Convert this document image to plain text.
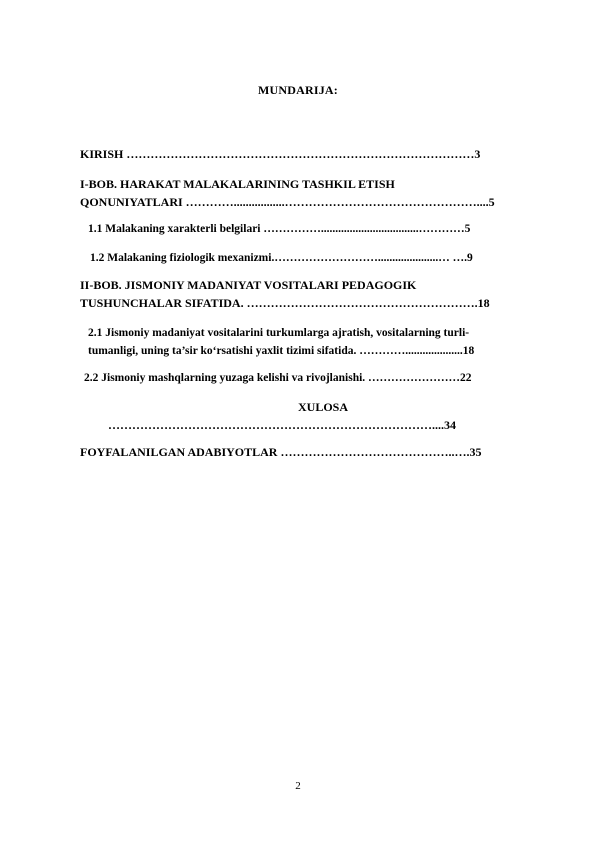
MUNDARIJA:
KIRISH ……………………………………………………………………………3
I-BOB. HARAKAT MALAKALARINING TASHKIL ETISH
QONUNIYATLARI ………….................…………………………………………....5
1.1 Malakaning xarakterli belgilari ……………..................................…………5
1.2 Malakaning fiziologik mexanizmi.……………………….....................… ….9
II-BOB. JISMONIY MADANIYAT VOSITALARI PEDAGOGIK
TUSHUNCHALAR SIFATIDA. ………………………………………………….18
2.1 Jismoniy madaniyat vositalarini turkumlarga ajratish, vositalarning turli-
tumanligi, uning ta’sir ko‘rsatishi yaxlit tizimi sifatida. …………....................18
2.2 Jismoniy mashqlarning yuzaga kelishi va rivojlanishi. ……………………22
XULOSA
………………………………………………………………………....34
FOYFALANILGAN ADABIYOTLAR ……………………………………..….35
2
